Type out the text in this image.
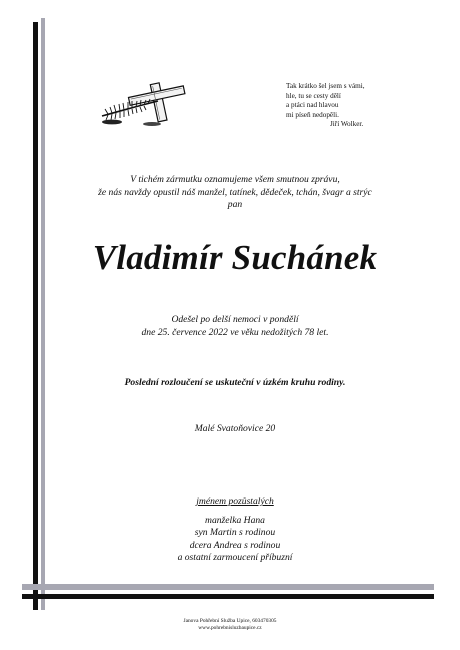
Tak krátko šel jsem s vámi,
hle, tu se cesty dělí
a ptáci nad hlavou
mi píseň nedopěli.
Jiří Wolker.
V tichém zármutku oznamujeme všem smutnou zprávu,
že nás navždy opustil náš manžel, tatínek, dědeček, tchán, švagr a strýc
pan
Vladimír Suchánek
Odešel po delší nemoci v pondělí
dne 25. července 2022 ve věku nedožitých 78 let.
Poslední rozloučení se uskuteční v úzkém kruhu rodiny.
Malé Svatoňovice 20
jménem pozůstalých
manželka Hana
syn Martin s rodinou
dcera Andrea s rodinou
a ostatní zarmoucení příbuzní
Janova Pohřební Služba Upice, 603470305
www.pohrebnisluzbaupice.cz
